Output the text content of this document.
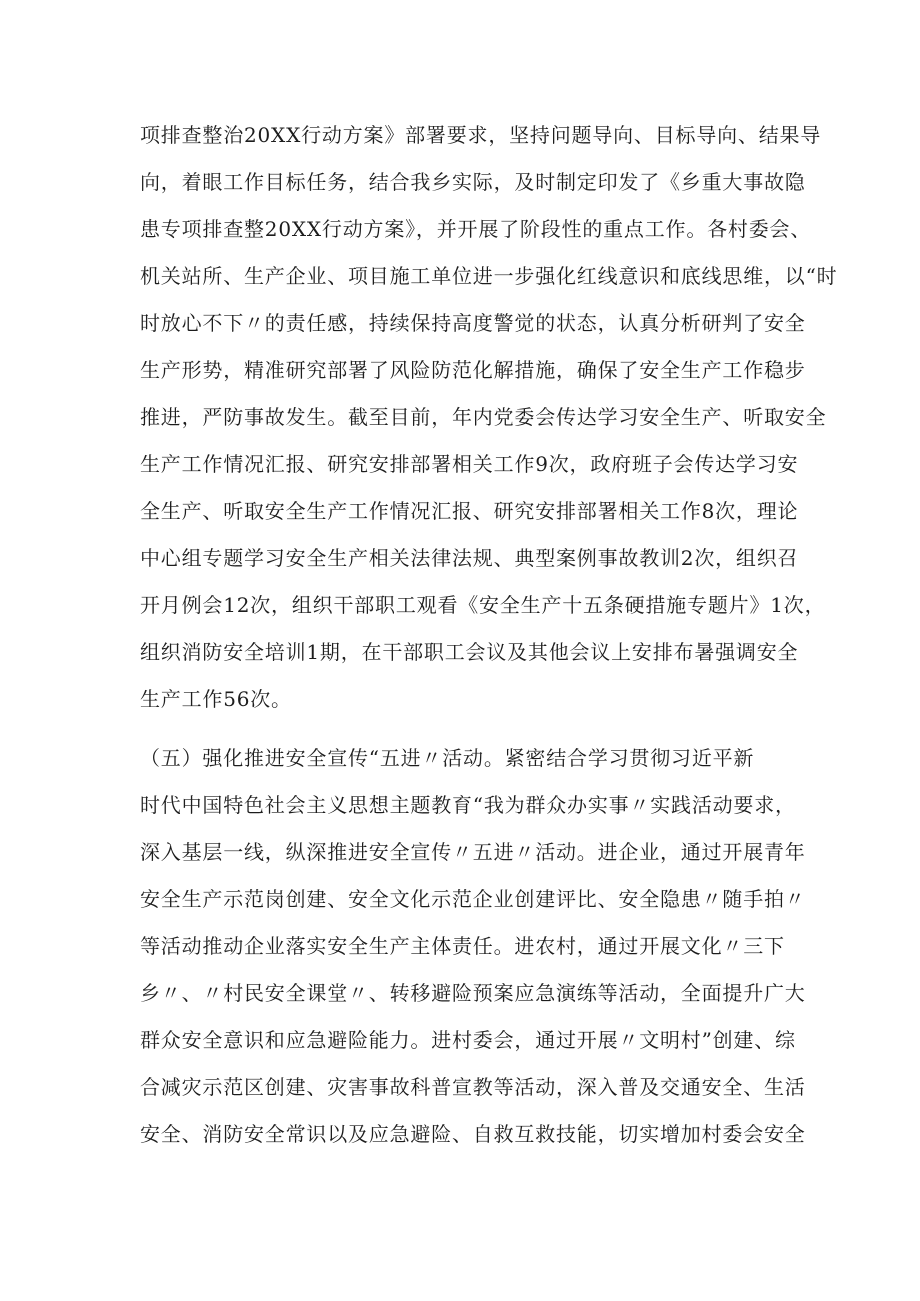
项排查整治20XX行动方案》部署要求，坚持问题导向、目标导向、结果导
向，着眼工作目标任务，结合我乡实际，及时制定印发了《乡重大事故隐
患专项排查整20XX行动方案》，并开展了阶段性的重点工作。各村委会、
机关站所、生产企业、项目施工单位进一步强化红线意识和底线思维，以“时
时放心不下〃的责任感，持续保持高度警觉的状态，认真分析研判了安全
生产形势，精准研究部署了风险防范化解措施，确保了安全生产工作稳步
推进，严防事故发生。截至目前，年内党委会传达学习安全生产、听取安全
生产工作情况汇报、研究安排部署相关工作9次，政府班子会传达学习安
全生产、听取安全生产工作情况汇报、研究安排部署相关工作8次，理论
中心组专题学习安全生产相关法律法规、典型案例事故教训2次，组织召
开月例会12次，组织干部职工观看《安全生产十五条硬措施专题片》1次，
组织消防安全培训1期，在干部职工会议及其他会议上安排布暑强调安全
生产工作56次。
（五）强化推进安全宣传“五进〃活动。紧密结合学习贯彻习近平新
时代中国特色社会主义思想主题教育“我为群众办实事〃实践活动要求，
深入基层一线，纵深推进安全宣传〃五进〃活动。进企业，通过开展青年
安全生产示范岗创建、安全文化示范企业创建评比、安全隐患〃随手拍〃
等活动推动企业落实安全生产主体责任。进农村，通过开展文化〃三下
乡〃、〃村民安全课堂〃、转移避险预案应急演练等活动，全面提升广大
群众安全意识和应急避险能力。进村委会，通过开展〃文明村”创建、综
合减灾示范区创建、灾害事故科普宣教等活动，深入普及交通安全、生活
安全、消防安全常识以及应急避险、自救互救技能，切实增加村委会安全
